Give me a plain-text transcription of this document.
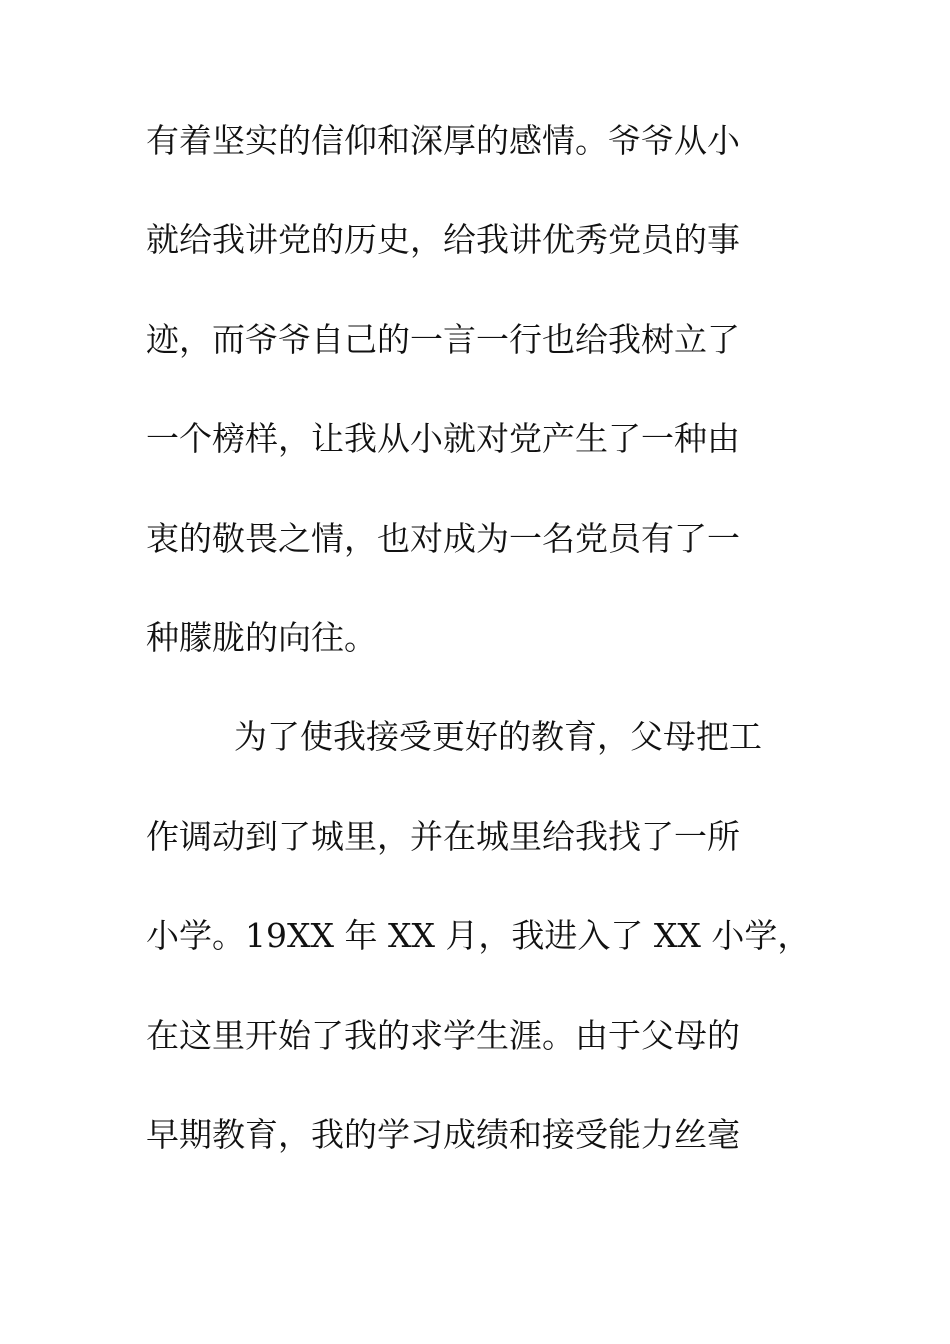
有着坚实的信仰和深厚的感情。爷爷从小
就给我讲党的历史，给我讲优秀党员的事
迹，而爷爷自己的一言一行也给我树立了
一个榜样，让我从小就对党产生了一种由
衷的敬畏之情，也对成为一名党员有了一
种朦胧的向往。
为了使我接受更好的教育，父母把工
作调动到了城里，并在城里给我找了一所
小学。19XX 年 XX 月，我进入了 XX 小学，
在这里开始了我的求学生涯。由于父母的
早期教育，我的学习成绩和接受能力丝毫
